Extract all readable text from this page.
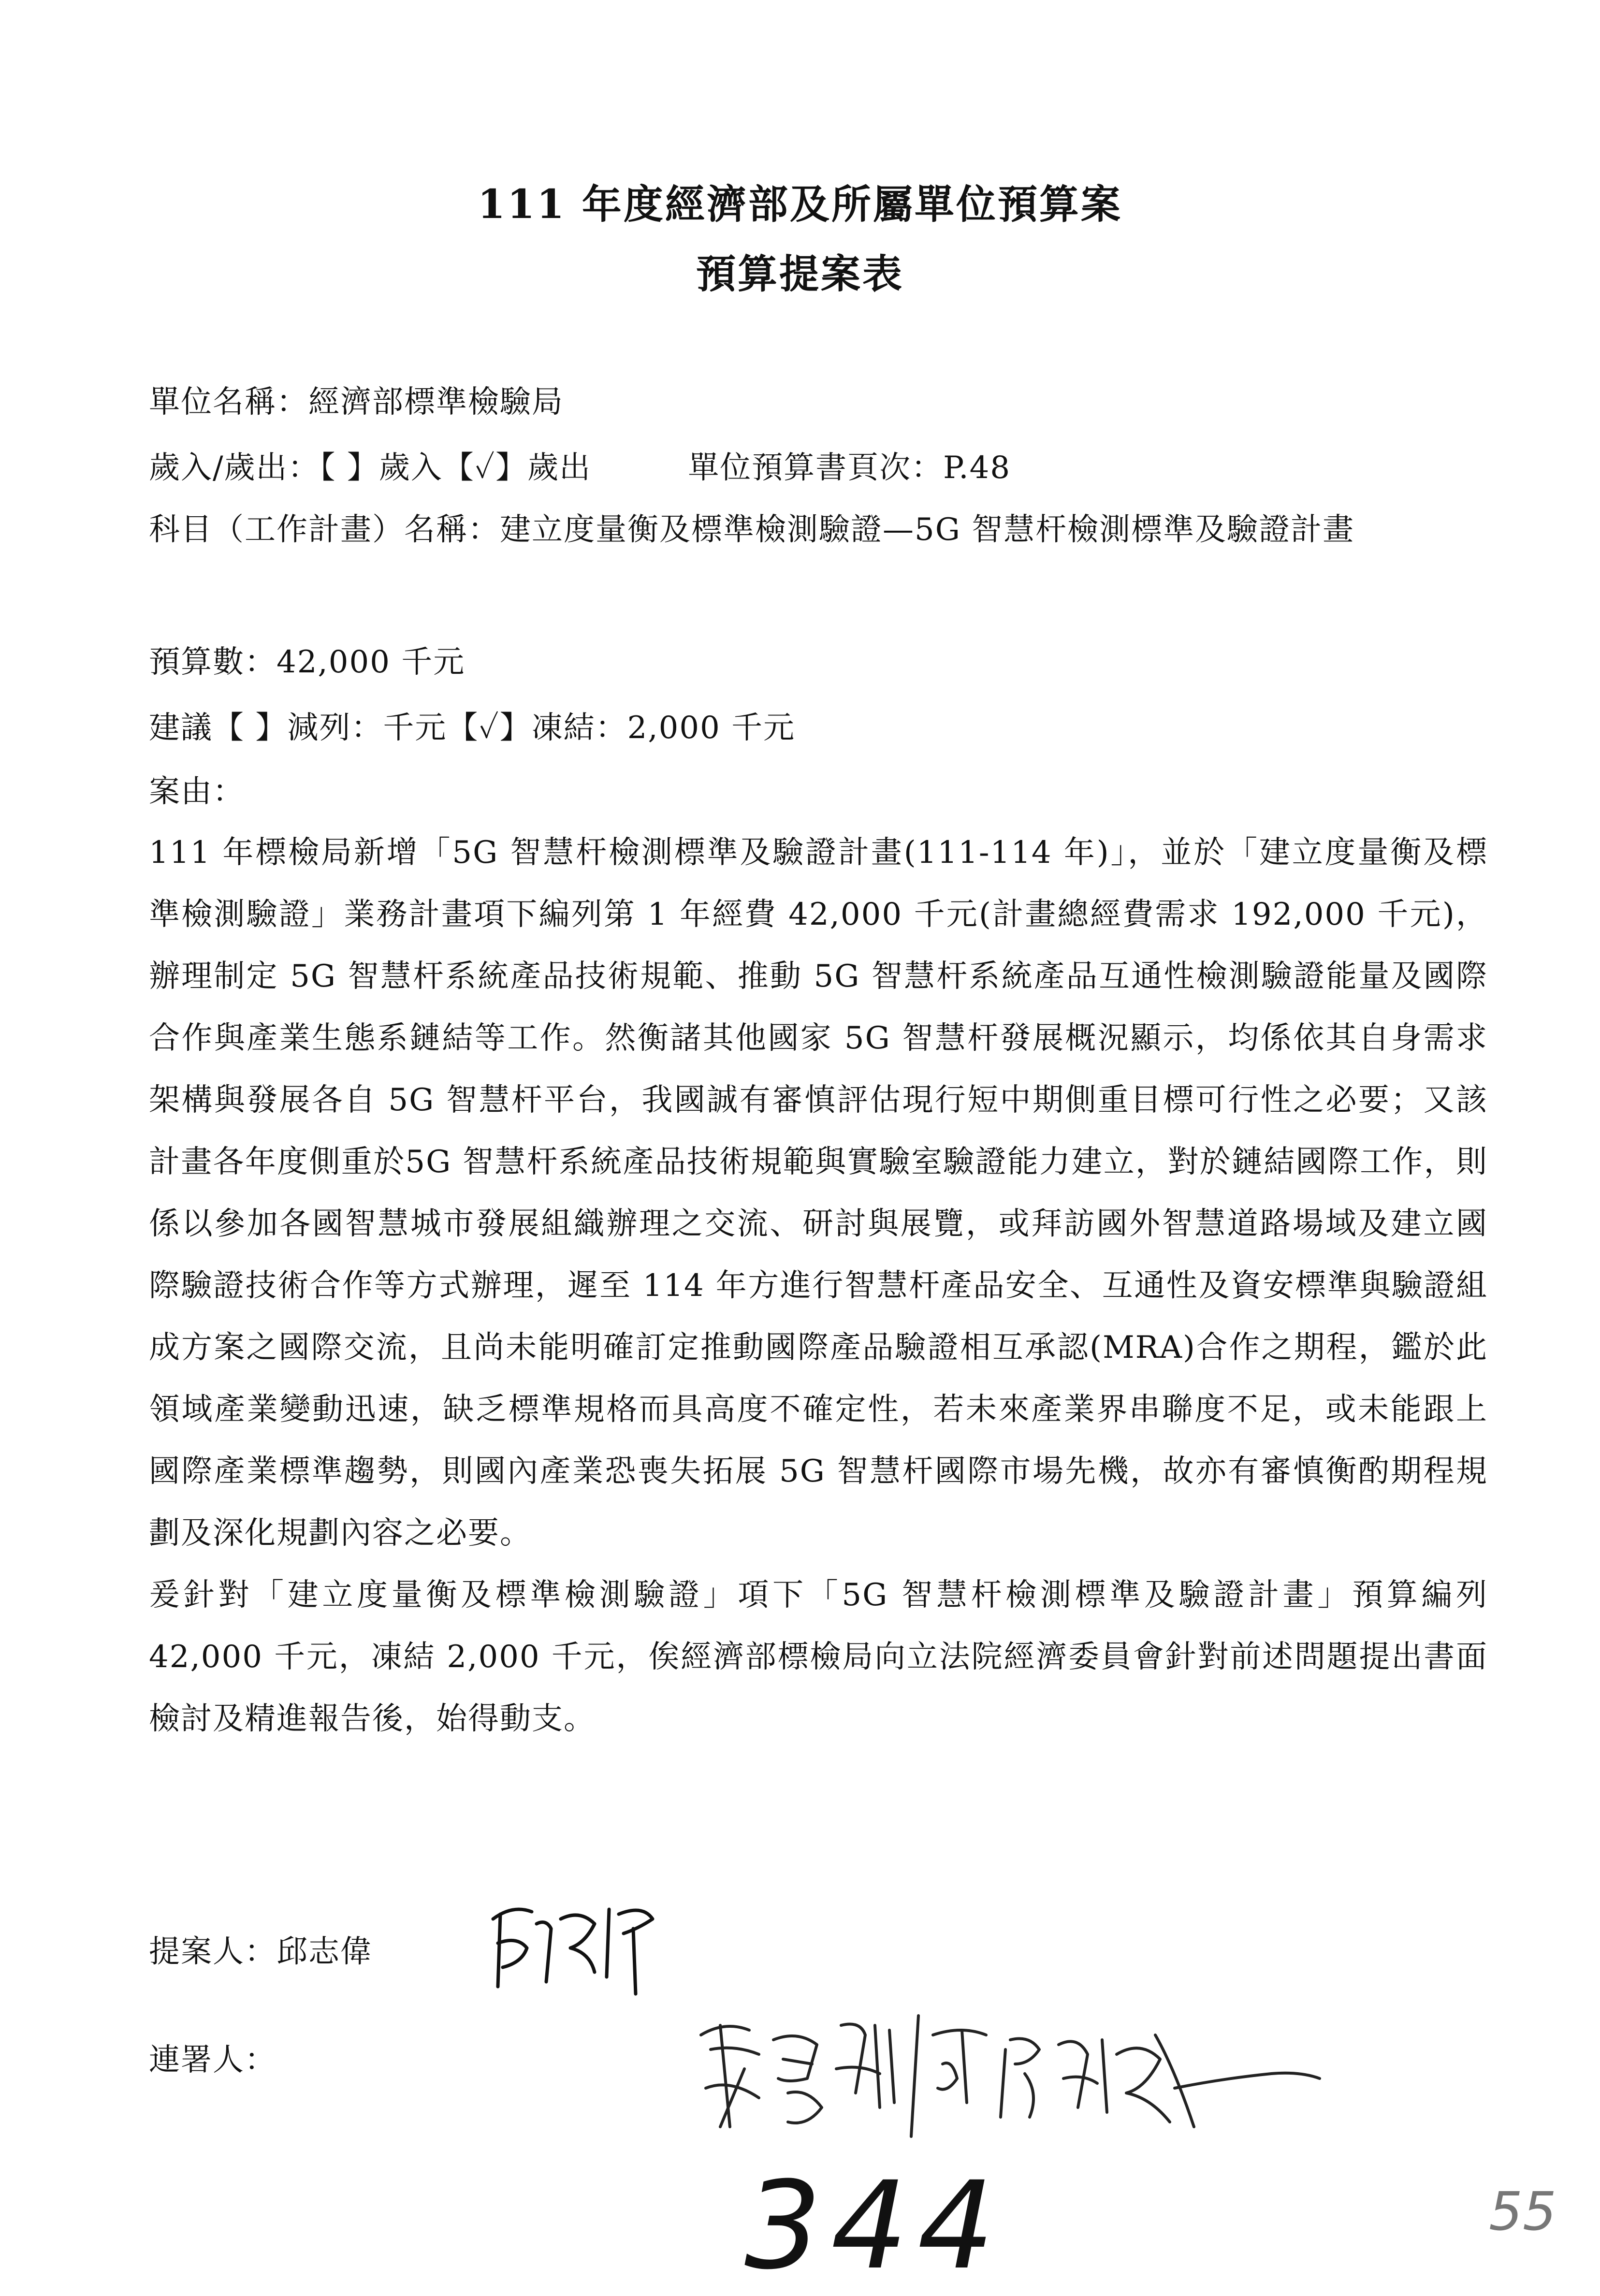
111 年度經濟部及所屬單位預算案
預算提案表
單位名稱：經濟部標準檢驗局
歲入/歲出：【 】歲入【✓】歲出	單位預算書頁次：P.48
科目（工作計畫）名稱：建立度量衡及標準檢測驗證—5G 智慧杆檢測標準及驗證計畫
預算數：42,000 千元
建議【 】減列：千元【✓】凍結：2,000 千元
案由：

111 年標檢局新增「5G 智慧杆檢測標準及驗證計畫(111-114 年)」，並於「建立度量衡及標準檢測驗證」業務計畫項下編列第 1 年經費 42,000 千元(計畫總經費需求 192,000 千元)，辦理制定 5G 智慧杆系統產品技術規範、推動 5G 智慧杆系統產品互通性檢測驗證能量及國際合作與產業生態系鏈結等工作。然衡諸其他國家 5G 智慧杆發展概況顯示，均係依其自身需求架構與發展各自 5G 智慧杆平台，我國誠有審慎評估現行短中期側重目標可行性之必要；又該計畫各年度側重於5G 智慧杆系統產品技術規範與實驗室驗證能力建立，對於鏈結國際工作，則係以參加各國智慧城市發展組織辦理之交流、研討與展覽，或拜訪國外智慧道路場域及建立國際驗證技術合作等方式辦理，遲至 114 年方進行智慧杆產品安全、互通性及資安標準與驗證組成方案之國際交流，且尚未能明確訂定推動國際產品驗證相互承認(MRA)合作之期程，鑑於此領域產業變動迅速，缺乏標準規格而具高度不確定性，若未來產業界串聯度不足，或未能跟上國際產業標準趨勢，則國內產業恐喪失拓展 5G 智慧杆國際市場先機，故亦有審慎衡酌期程規劃及深化規劃內容之必要。

爰針對「建立度量衡及標準檢測驗證」項下「5G 智慧杆檢測標準及驗證計畫」預算編列 42,000 千元，凍結 2,000 千元，俟經濟部標檢局向立法院經濟委員會針對前述問題提出書面檢討及精進報告後，始得動支。

提案人：邱志偉
連署人：
344	55
